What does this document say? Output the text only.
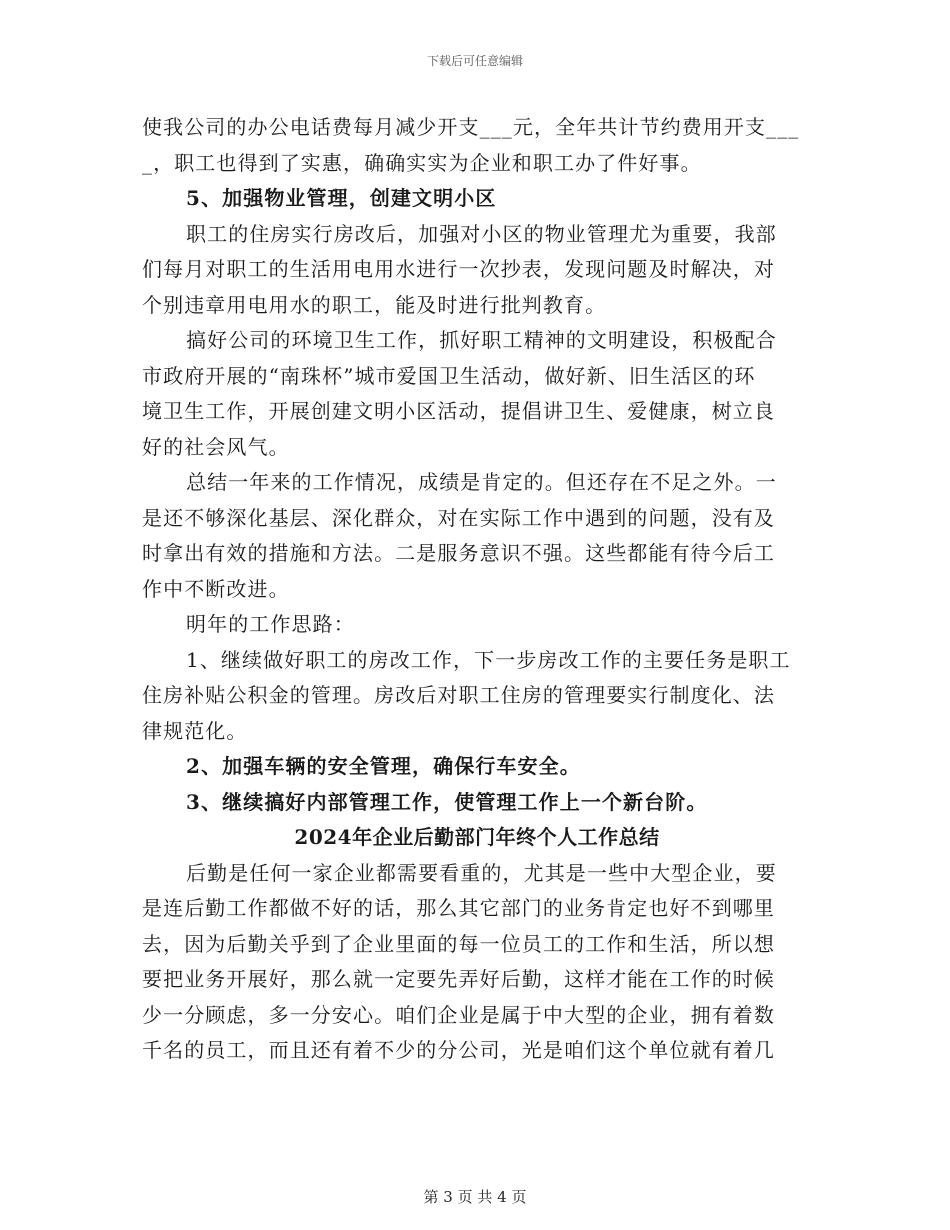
下载后可任意编辑
使我公司的办公电话费每月减少开支___元，全年共计节约费用开支___
_，职工也得到了实惠，确确实实为企业和职工办了件好事。
5、加强物业管理，创建文明小区
职工的住房实行房改后，加强对小区的物业管理尤为重要，我部
们每月对职工的生活用电用水进行一次抄表，发现问题及时解决，对
个别违章用电用水的职工，能及时进行批判教育。
搞好公司的环境卫生工作，抓好职工精神的文明建设，积极配合
市政府开展的“南珠杯”城市爱国卫生活动，做好新、旧生活区的环
境卫生工作，开展创建文明小区活动，提倡讲卫生、爱健康，树立良
好的社会风气。
总结一年来的工作情况，成绩是肯定的。但还存在不足之外。一
是还不够深化基层、深化群众，对在实际工作中遇到的问题，没有及
时拿出有效的措施和方法。二是服务意识不强。这些都能有待今后工
作中不断改进。
明年的工作思路：
1、继续做好职工的房改工作，下一步房改工作的主要任务是职工
住房补贴公积金的管理。房改后对职工住房的管理要实行制度化、法
律规范化。
2、加强车辆的安全管理，确保行车安全。
3、继续搞好内部管理工作，使管理工作上一个新台阶。
2024年企业后勤部门年终个人工作总结
后勤是任何一家企业都需要看重的，尤其是一些中大型企业，要
是连后勤工作都做不好的话，那么其它部门的业务肯定也好不到哪里
去，因为后勤关乎到了企业里面的每一位员工的工作和生活，所以想
要把业务开展好，那么就一定要先弄好后勤，这样才能在工作的时候
少一分顾虑，多一分安心。咱们企业是属于中大型的企业，拥有着数
千名的员工，而且还有着不少的分公司，光是咱们这个单位就有着几
第 3 页 共 4 页
